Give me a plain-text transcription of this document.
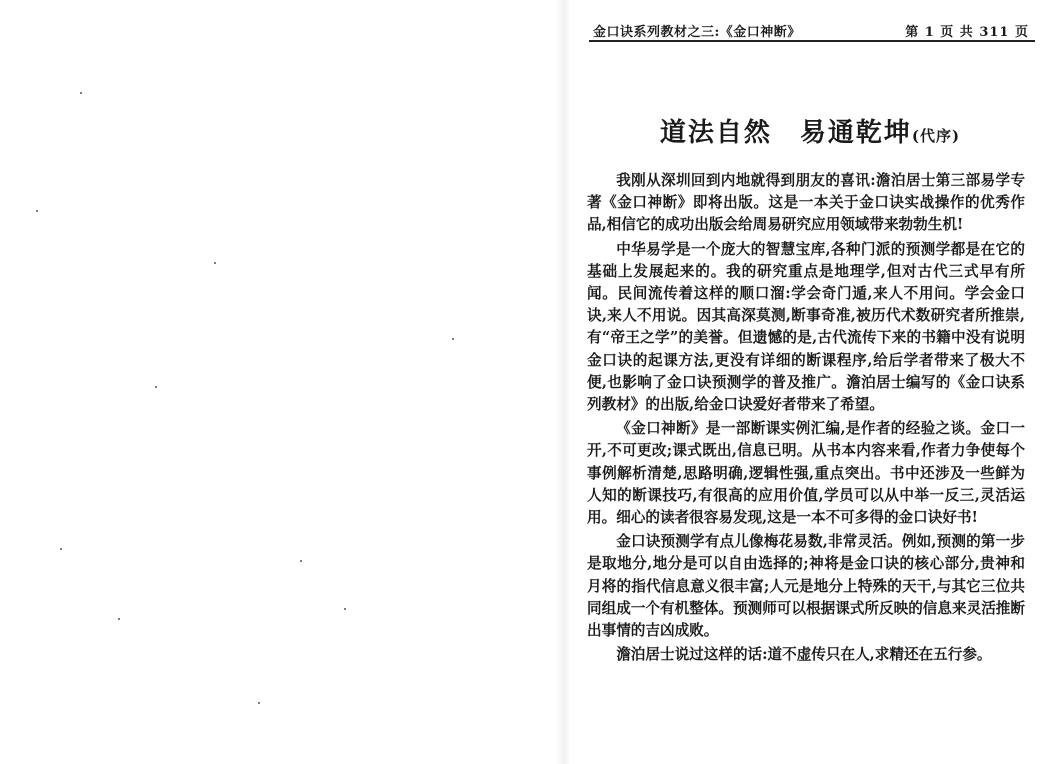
金口诀系列教材之三:《金口神断》	第 1 页 共 311 页
道法自然　易通乾坤(代序)

我刚从深圳回到内地就得到朋友的喜讯:澹泊居士第三部易学专著《金口神断》即将出版。这是一本关于金口诀实战操作的优秀作品,相信它的成功出版会给周易研究应用领域带来勃勃生机!

中华易学是一个庞大的智慧宝库,各种门派的预测学都是在它的基础上发展起来的。我的研究重点是地理学,但对古代三式早有所闻。民间流传着这样的顺口溜:学会奇门遁,来人不用问。学会金口诀,来人不用说。因其高深莫测,断事奇准,被历代术数研究者所推崇,有“帝王之学”的美誉。但遗憾的是,古代流传下来的书籍中没有说明金口诀的起课方法,更没有详细的断课程序,给后学者带来了极大不便,也影响了金口诀预测学的普及推广。澹泊居士编写的《金口诀系列教材》的出版,给金口诀爱好者带来了希望。

《金口神断》是一部断课实例汇编,是作者的经验之谈。金口一开,不可更改;课式既出,信息已明。从书本内容来看,作者力争使每个事例解析清楚,思路明确,逻辑性强,重点突出。书中还涉及一些鲜为人知的断课技巧,有很高的应用价值,学员可以从中举一反三,灵活运用。细心的读者很容易发现,这是一本不可多得的金口诀好书!

金口诀预测学有点儿像梅花易数,非常灵活。例如,预测的第一步是取地分,地分是可以自由选择的;神将是金口诀的核心部分,贵神和月将的指代信息意义很丰富;人元是地分上特殊的天干,与其它三位共同组成一个有机整体。预测师可以根据课式所反映的信息来灵活推断出事情的吉凶成败。

澹泊居士说过这样的话:道不虚传只在人,求精还在五行参。
